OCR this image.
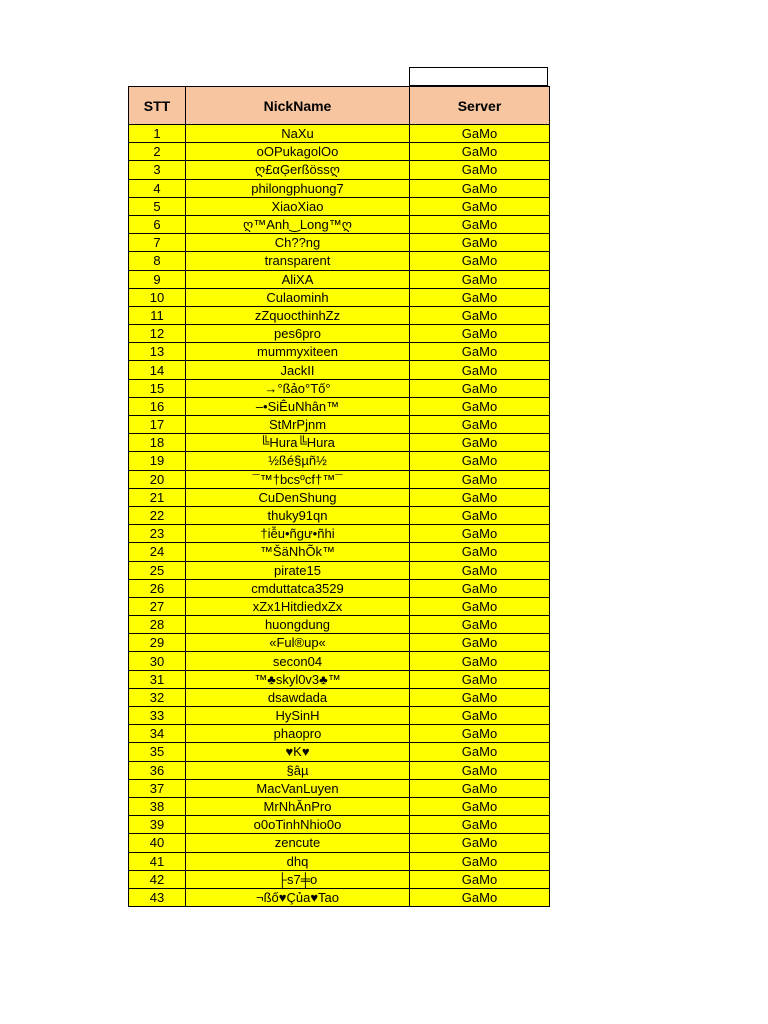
STT	NickName	Server
1	NaXu	GaMo
2	oOPukagolOo	GaMo
3	ღ£αĢerßössღ	GaMo
4	philongphuong7	GaMo
5	XiaoXiao	GaMo
6	ღ™Anh‿Long™ღ	GaMo
7	Ch??ng	GaMo
8	transparent	GaMo
9	AliXA	GaMo
10	Culaominh	GaMo
11	zZquocthinhZz	GaMo
12	pes6pro	GaMo
13	mummyxiteen	GaMo
14	JackII	GaMo
15	→°ßảo°Tố°	GaMo
16	–•SiÊuNhân™	GaMo
17	StMrPjnm	GaMo
18	╚Hura╚Hura	GaMo
19	½ßé§µñ½	GaMo
20	¯™†bcsºcf†™¯	GaMo
21	CuDenShung	GaMo
22	thuky91qn	GaMo
23	†iễu•ñgư•ñhi	GaMo
24	™ŠäNhÕk™	GaMo
25	pirate15	GaMo
26	cmduttatca3529	GaMo
27	xZx1HitdiedxZx	GaMo
28	huongdung	GaMo
29	«Ful®up«	GaMo
30	secon04	GaMo
31	™♣skyl0v3♣™	GaMo
32	dsawdada	GaMo
33	HySinH	GaMo
34	phaopro	GaMo
35	♥K♥	GaMo
36	§âµ	GaMo
37	MacVanLuyen	GaMo
38	MrNhĂnPro	GaMo
39	o0oTinhNhio0o	GaMo
40	zencute	GaMo
41	dhq	GaMo
42	├s7╪o	GaMo
43	¬ßố♥Çủa♥Tao	GaMo
